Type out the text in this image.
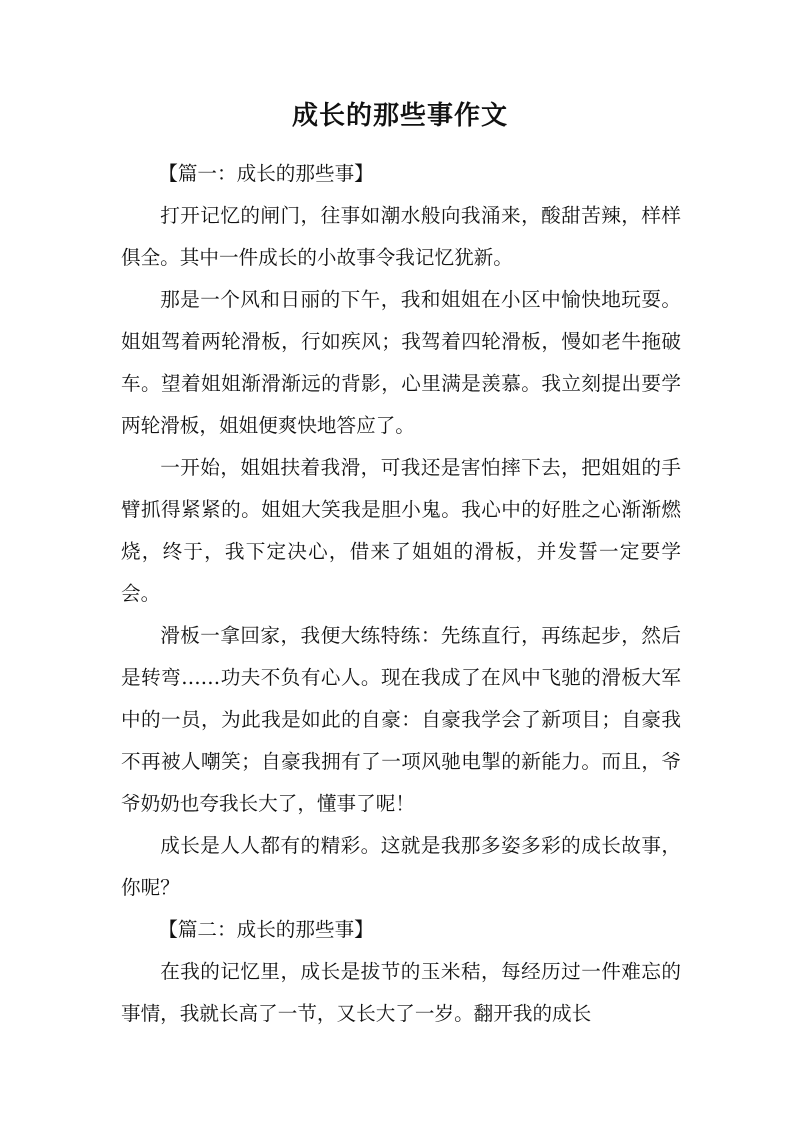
成长的那些事作文

【篇一：成长的那些事】

打开记忆的闸门，往事如潮水般向我涌来，酸甜苦辣，样样俱全。其中一件成长的小故事令我记忆犹新。

那是一个风和日丽的下午，我和姐姐在小区中愉快地玩耍。姐姐驾着两轮滑板，行如疾风；我驾着四轮滑板，慢如老牛拖破车。望着姐姐渐滑渐远的背影，心里满是羡慕。我立刻提出要学两轮滑板，姐姐便爽快地答应了。

一开始，姐姐扶着我滑，可我还是害怕摔下去，把姐姐的手臂抓得紧紧的。姐姐大笑我是胆小鬼。我心中的好胜之心渐渐燃烧，终于，我下定决心，借来了姐姐的滑板，并发誓一定要学会。

滑板一拿回家，我便大练特练：先练直行，再练起步，然后是转弯……功夫不负有心人。现在我成了在风中飞驰的滑板大军中的一员，为此我是如此的自豪：自豪我学会了新项目；自豪我不再被人嘲笑；自豪我拥有了一项风驰电掣的新能力。而且，爷爷奶奶也夸我长大了，懂事了呢！

成长是人人都有的精彩。这就是我那多姿多彩的成长故事，你呢？

【篇二：成长的那些事】

在我的记忆里，成长是拔节的玉米秸，每经历过一件难忘的事情，我就长高了一节，又长大了一岁。翻开我的成长
